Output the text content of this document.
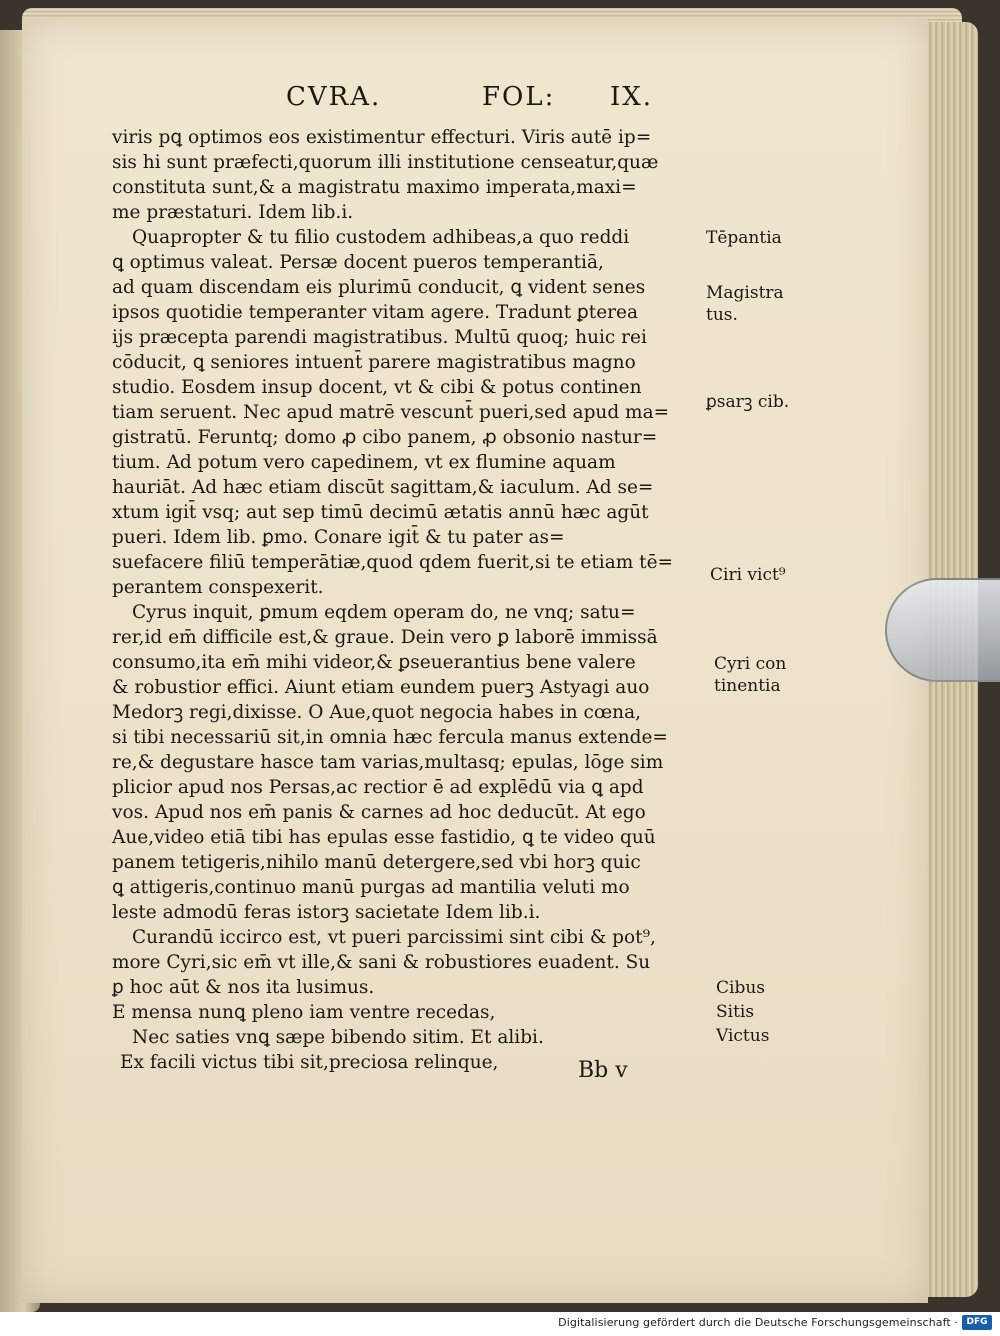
CVRA.	FOL: IX.
viris pꝗ optimos eos existimentur effecturi. Viris autē ip=
sis hi sunt præfecti,quorum illi institutione censeatur,quæ
constituta sunt,& a magistratu maximo imperata,maxi=
me præstaturi. Idem lib.i.
Quapropter & tu filio custodem adhibeas,a quo reddi
ꝗ optimus valeat. Persæ docent pueros temperantiā,
ad quam discendam eis plurimū conducit, ꝗ vident senes
ipsos quotidie temperanter vitam agere. Tradunt ꝑterea
ijs præcepta parendi magistratibus. Multū quoq; huic rei
cōducit, ꝗ seniores intuent̄ parere magistratibus magno
studio. Eosdem insup docent, vt & cibi & potus continen
tiam seruent. Nec apud matrē vescunt̄ pueri,sed apud ma=
gistratū. Feruntq; domo ꝓ cibo panem, ꝓ obsonio nastur=
tium. Ad potum vero capedinem, vt ex flumine aquam
hauriāt. Ad hæc etiam discūt sagittam,& iaculum. Ad se=
xtum igit̄ vsq; aut sep timū decimū ætatis annū hæc agūt
pueri. Idem lib. ꝑmo. Conare igit̄ & tu pater as=
suefacere filiū temperātiæ,quod qdem fuerit,si te etiam tē=
perantem conspexerit.
Cyrus inquit, ꝑmum eqdem operam do, ne vnq; satu=
rer,id em̄ difficile est,& graue. Dein vero ꝑ laborē immissā
consumo,ita em̄ mihi videor,& ꝑseuerantius bene valere
& robustior effici. Aiunt etiam eundem puerꝫ Astyagi auo
Medorꝫ regi,dixisse. O Aue,quot negocia habes in cœna,
si tibi necessariū sit,in omnia hæc fercula manus extende=
re,& degustare hasce tam varias,multasq; epulas, lōge sim
plicior apud nos Persas,ac rectior ē ad explēdū via ꝗ apd
vos. Apud nos em̄ panis & carnes ad hoc deducūt. At ego
Aue,video etiā tibi has epulas esse fastidio, ꝗ te video quū
panem tetigeris,nihilo manū detergere,sed vbi horꝫ quic
ꝗ attigeris,continuo manū purgas ad mantilia veluti mo
leste admodū feras istorꝫ sacietate Idem lib.i.
Curandū iccirco est, vt pueri parcissimi sint cibi & pot⁹,
more Cyri,sic em̄ vt ille,& sani & robustiores euadent. Su
ꝑ hoc aūt & nos ita lusimus.
E mensa nunꝗ pleno iam ventre recedas,
Nec saties vnꝗ sæpe bibendo sitim. Et alibi.
Ex facili victus tibi sit,preciosa relinque,
Tēpantia
Magistra
tus.
ꝑsarꝫ cib.
Ciri vict⁹
Cyri con
tinentia
Cibus
Sitis
Victus
Bb v
Digitalisierung gefördert durch die Deutsche Forschungsgemeinschaft · DFG
